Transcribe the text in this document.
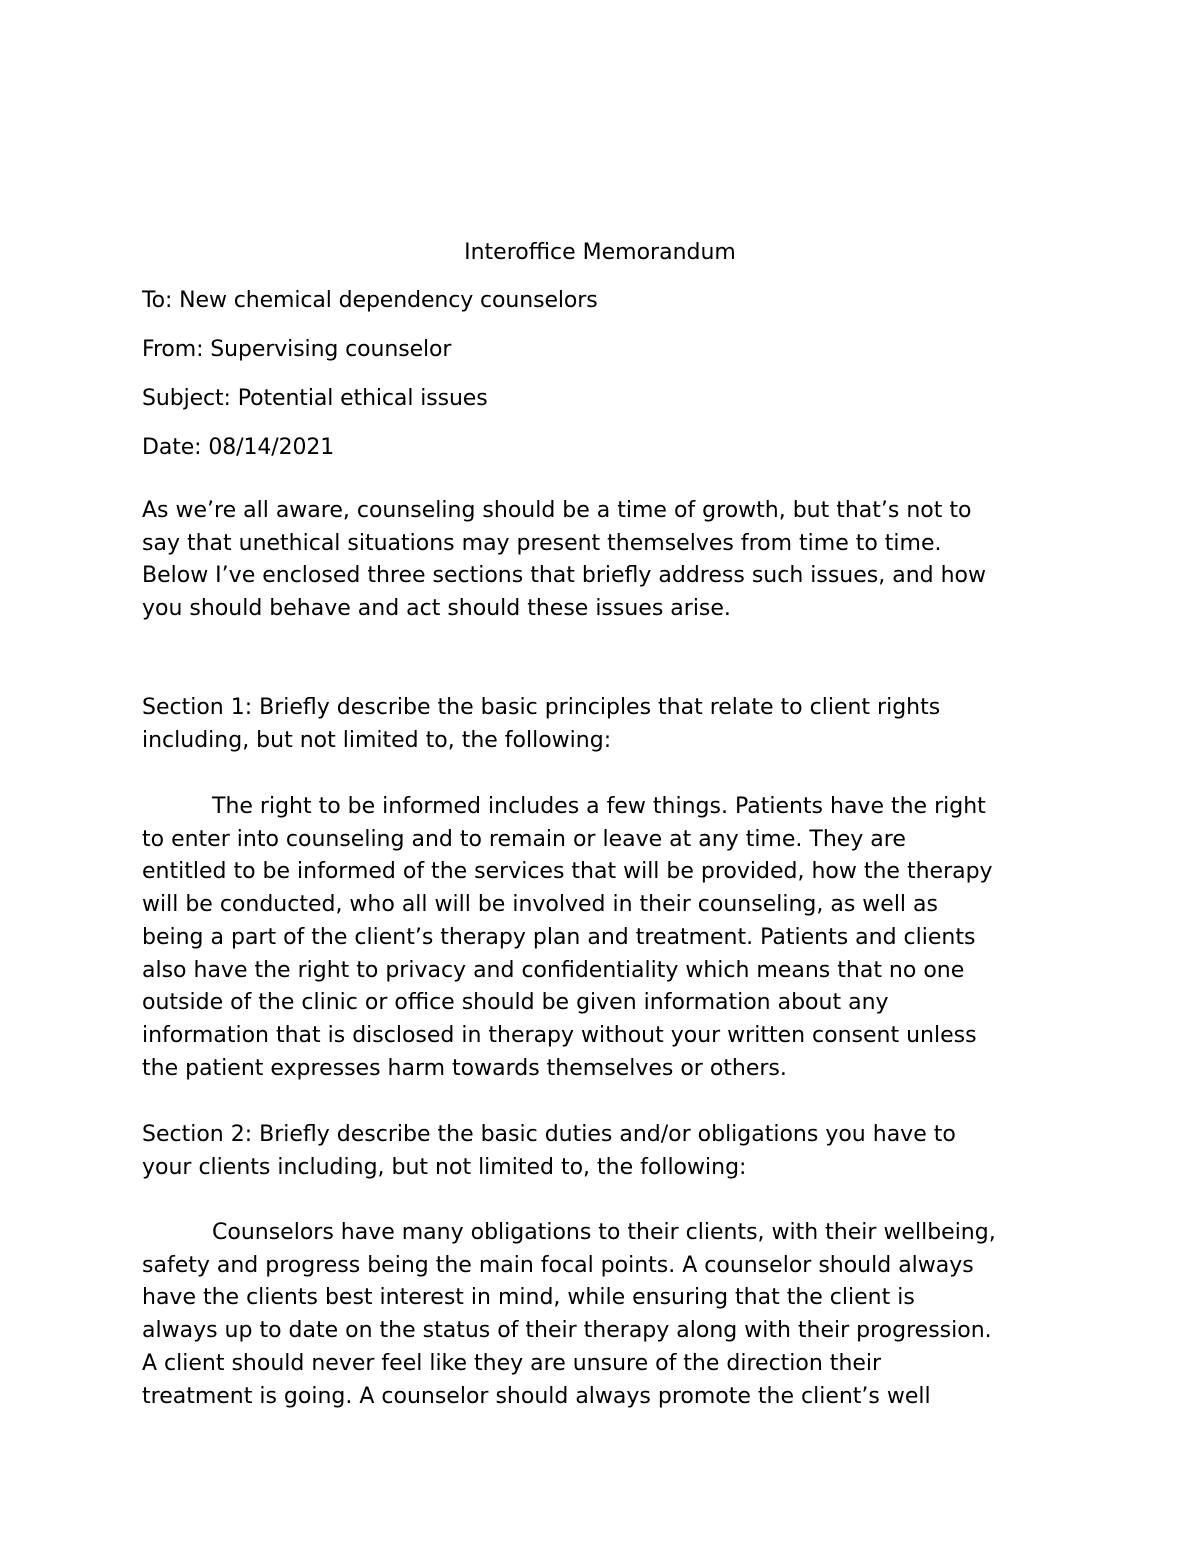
Interoffice Memorandum
To: New chemical dependency counselors
From: Supervising counselor
Subject: Potential ethical issues
Date: 08/14/2021
As we’re all aware, counseling should be a time of growth, but that’s not to
say that unethical situations may present themselves from time to time.
Below I’ve enclosed three sections that briefly address such issues, and how
you should behave and act should these issues arise.
Section 1: Briefly describe the basic principles that relate to client rights
including, but not limited to, the following:
The right to be informed includes a few things. Patients have the right
to enter into counseling and to remain or leave at any time. They are
entitled to be informed of the services that will be provided, how the therapy
will be conducted, who all will be involved in their counseling, as well as
being a part of the client’s therapy plan and treatment. Patients and clients
also have the right to privacy and confidentiality which means that no one
outside of the clinic or office should be given information about any
information that is disclosed in therapy without your written consent unless
the patient expresses harm towards themselves or others.
Section 2: Briefly describe the basic duties and/or obligations you have to
your clients including, but not limited to, the following:
Counselors have many obligations to their clients, with their wellbeing,
safety and progress being the main focal points. A counselor should always
have the clients best interest in mind, while ensuring that the client is
always up to date on the status of their therapy along with their progression.
A client should never feel like they are unsure of the direction their
treatment is going. A counselor should always promote the client’s well
